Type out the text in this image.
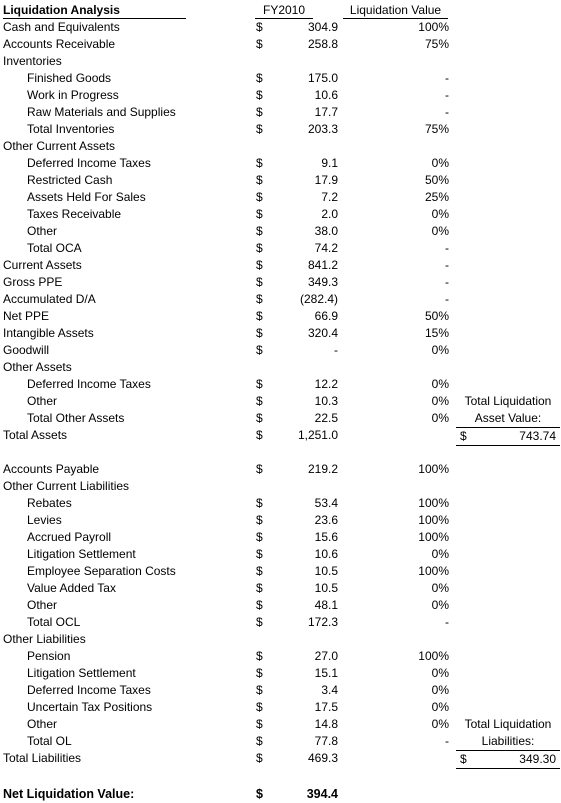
Liquidation Analysis	FY2010	Liquidation Value
Cash and Equivalents	$	304.9	100%
Accounts Receivable	$	258.8	75%
Inventories
Finished Goods	$	175.0	-
Work in Progress	$	10.6	-
Raw Materials and Supplies	$	17.7	-
Total Inventories	$	203.3	75%
Other Current Assets
Deferred Income Taxes	$	9.1	0%
Restricted Cash	$	17.9	50%
Assets Held For Sales	$	7.2	25%
Taxes Receivable	$	2.0	0%
Other	$	38.0	0%
Total OCA	$	74.2	-
Current Assets	$	841.2	-
Gross PPE	$	349.3	-
Accumulated D/A	$	(282.4)	-
Net PPE	$	66.9	50%
Intangible Assets	$	320.4	15%
Goodwill	$	-	0%
Other Assets
Deferred Income Taxes	$	12.2	0%
Other	$	10.3	0%
Total Other Assets	$	22.5	0%
Total Assets	$	1,251.0
Accounts Payable	$	219.2	100%
Other Current Liabilities
Rebates	$	53.4	100%
Levies	$	23.6	100%
Accrued Payroll	$	15.6	100%
Litigation Settlement	$	10.6	0%
Employee Separation Costs	$	10.5	100%
Value Added Tax	$	10.5	0%
Other	$	48.1	0%
Total OCL	$	172.3	-
Other Liabilities
Pension	$	27.0	100%
Litigation Settlement	$	15.1	0%
Deferred Income Taxes	$	3.4	0%
Uncertain Tax Positions	$	17.5	0%
Other	$	14.8	0%
Total OL	$	77.8	-
Total Liabilities	$	469.3
Net Liquidation Value:	$	394.4
Total Liquidation
Asset Value:
$	743.74
Total Liquidation
Liabilities:
$	349.30
